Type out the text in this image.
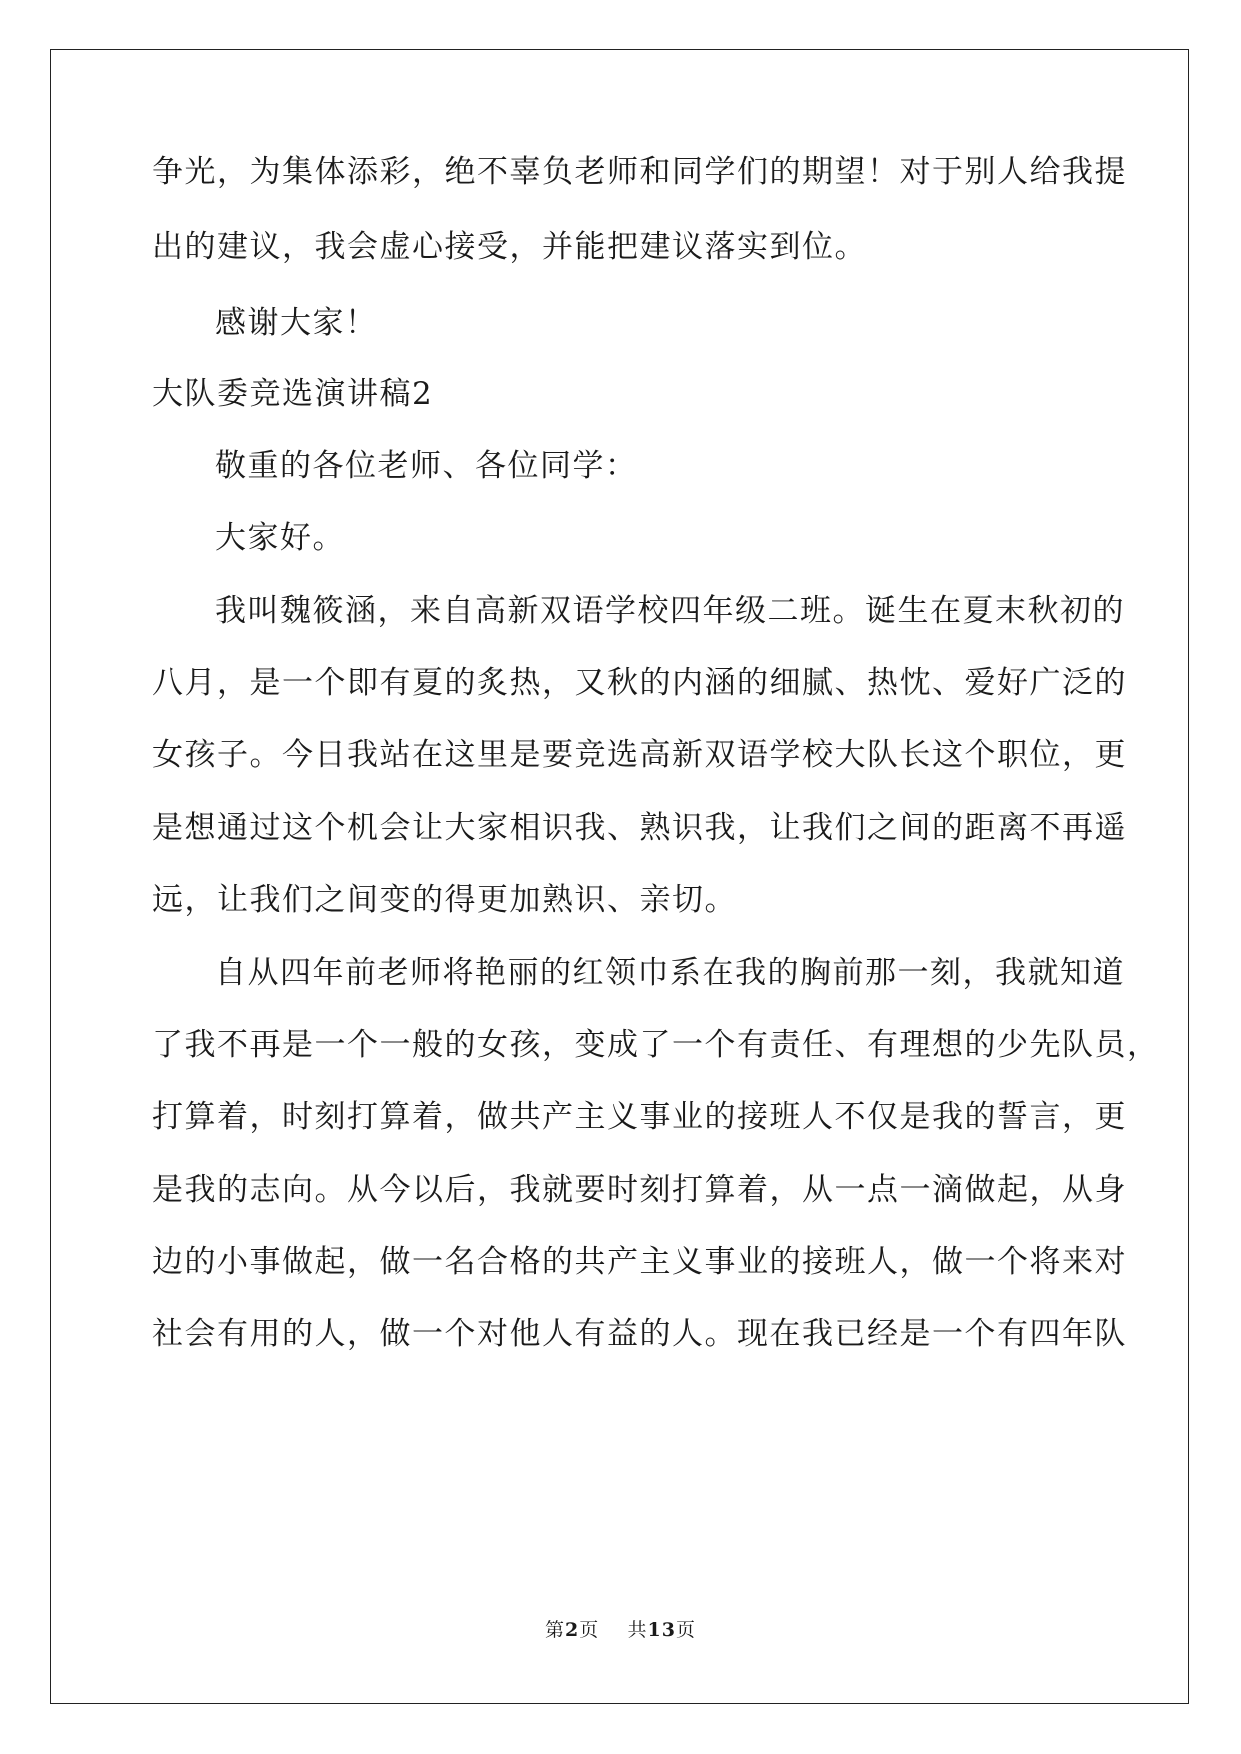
争光，为集体添彩，绝不辜负老师和同学们的期望！对于别人给我提
出的建议，我会虚心接受，并能把建议落实到位。
感谢大家！
大队委竞选演讲稿2
敬重的各位老师、各位同学：
大家好。
我叫魏筱涵，来自高新双语学校四年级二班。诞生在夏末秋初的
八月，是一个即有夏的炙热，又秋的内涵的细腻、热忱、爱好广泛的
女孩子。今日我站在这里是要竞选高新双语学校大队长这个职位，更
是想通过这个机会让大家相识我、熟识我，让我们之间的距离不再遥
远，让我们之间变的得更加熟识、亲切。
自从四年前老师将艳丽的红领巾系在我的胸前那一刻，我就知道
了我不再是一个一般的女孩，变成了一个有责任、有理想的少先队员，
打算着，时刻打算着，做共产主义事业的接班人不仅是我的誓言，更
是我的志向。从今以后，我就要时刻打算着，从一点一滴做起，从身
边的小事做起，做一名合格的共产主义事业的接班人，做一个将来对
社会有用的人，做一个对他人有益的人。现在我已经是一个有四年队
第2页 共13页
